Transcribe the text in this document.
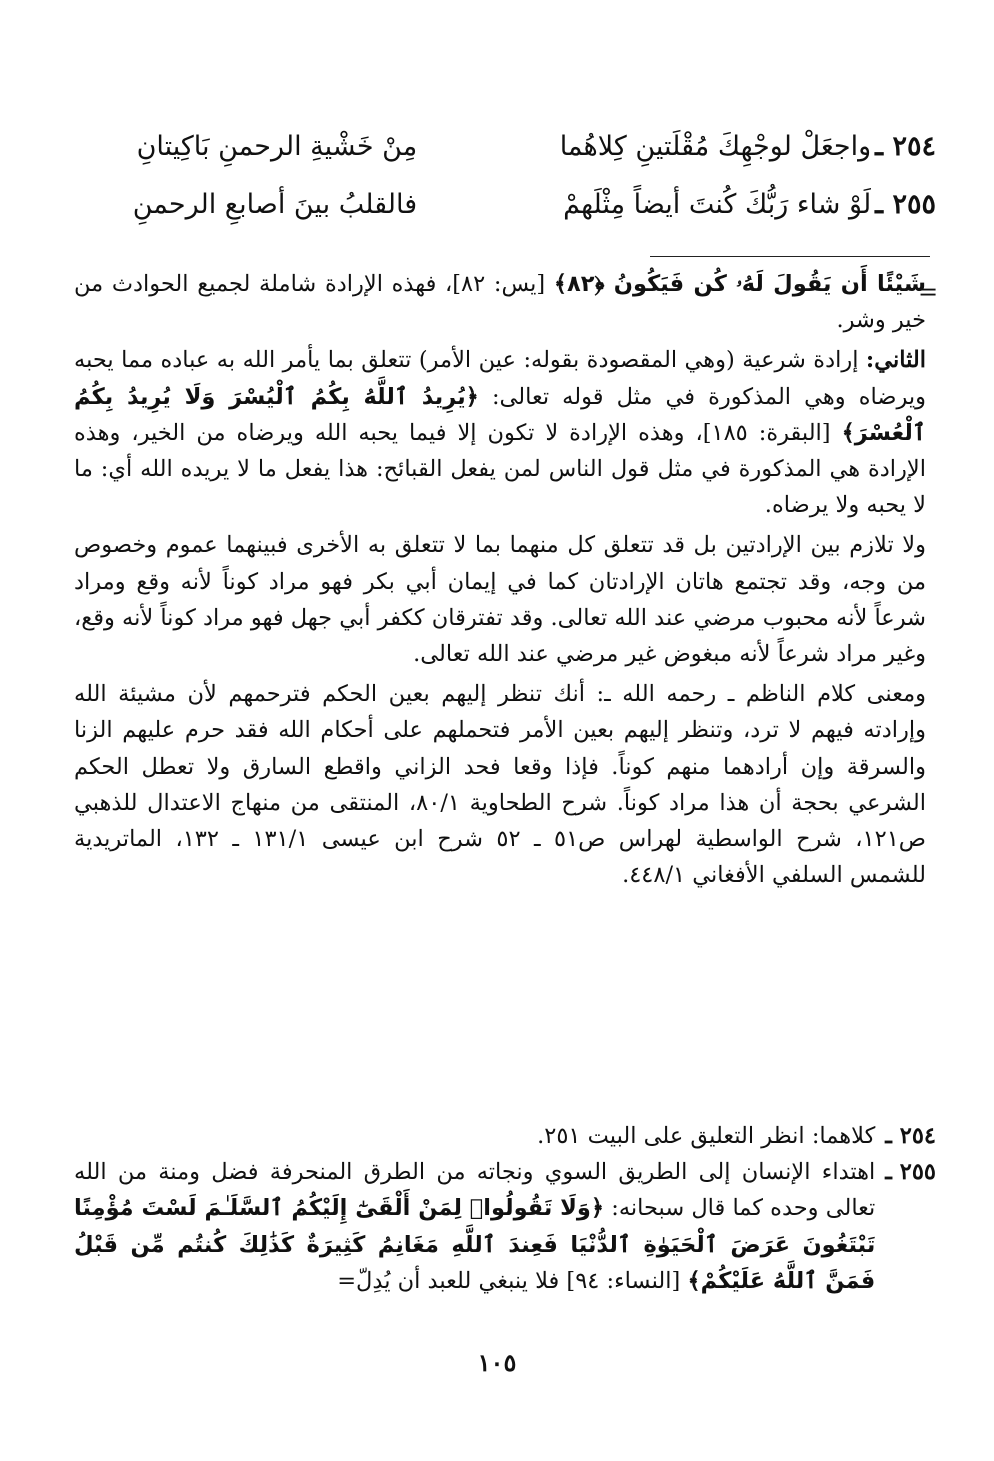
٢٥٤ ـ
واجعَلْ لوجْهِكَ مُقْلَتينِ كِلاهُما
مِنْ خَشْيةِ الرحمنِ بَاكِيتانِ
٢٥٥ ـ
لَوْ شاء رَبُّكَ كُنتَ أيضاً مِثْلَهمْ
فالقلبُ بينَ أصابعِ الرحمنِ
=

شَيْئًا أَن يَقُولَ لَهُۥ كُن فَيَكُونُ ﴿٨٢﴾ [يس: ٨٢]، فهذه الإرادة شاملة لجميع الحوادث من خير وشر.

الثاني: إرادة شرعية (وهي المقصودة بقوله: عين الأمر) تتعلق بما يأمر الله به عباده مما يحبه ويرضاه وهي المذكورة في مثل قوله تعالى: ﴿يُرِيدُ ٱللَّهُ بِكُمُ ٱلْيُسْرَ وَلَا يُرِيدُ بِكُمُ ٱلْعُسْرَ﴾ [البقرة: ١٨٥]، وهذه الإرادة لا تكون إلا فيما يحبه الله ويرضاه من الخير، وهذه الإرادة هي المذكورة في مثل قول الناس لمن يفعل القبائح: هذا يفعل ما لا يريده الله أي: ما لا يحبه ولا يرضاه.

ولا تلازم بين الإرادتين بل قد تتعلق كل منهما بما لا تتعلق به الأخرى فبينهما عموم وخصوص من وجه، وقد تجتمع هاتان الإرادتان كما في إيمان أبي بكر فهو مراد كوناً لأنه وقع ومراد شرعاً لأنه محبوب مرضي عند الله تعالى. وقد تفترقان ككفر أبي جهل فهو مراد كوناً لأنه وقع، وغير مراد شرعاً لأنه مبغوض غير مرضي عند الله تعالى.

ومعنى كلام الناظم ـ رحمه الله ـ: أنك تنظر إليهم بعين الحكم فترحمهم لأن مشيئة الله وإرادته فيهم لا ترد، وتنظر إليهم بعين الأمر فتحملهم على أحكام الله فقد حرم عليهم الزنا والسرقة وإن أرادهما منهم كوناً. فإذا وقعا فحد الزاني واقطع السارق ولا تعطل الحكم الشرعي بحجة أن هذا مراد كوناً. شرح الطحاوية ٨٠/١، المنتقى من منهاج الاعتدال للذهبي ص١٢١، شرح الواسطية لهراس ص٥١ ـ ٥٢ شرح ابن عيسى ١٣١/١ ـ ١٣٢، الماتريدية للشمس السلفي الأفغاني ٤٤٨/١.

٢٥٤ ـ
كلاهما: انظر التعليق على البيت ٢٥١.
٢٥٥ ـ
اهتداء الإنسان إلى الطريق السوي ونجاته من الطرق المنحرفة فضل ومنة من الله تعالى وحده كما قال سبحانه: ﴿وَلَا تَقُولُوا۟ لِمَنْ أَلْقَىٰٓ إِلَيْكُمُ ٱلسَّلَـٰمَ لَسْتَ مُؤْمِنًا تَبْتَغُونَ عَرَضَ ٱلْحَيَوٰةِ ٱلدُّنْيَا فَعِندَ ٱللَّهِ مَغَانِمُ كَثِيرَةٌ كَذَٰلِكَ كُنتُم مِّن قَبْلُ فَمَنَّ ٱللَّهُ عَلَيْكُمْ﴾ [النساء: ٩٤] فلا ينبغي للعبد أن يُدِلّ=
١٠٥
